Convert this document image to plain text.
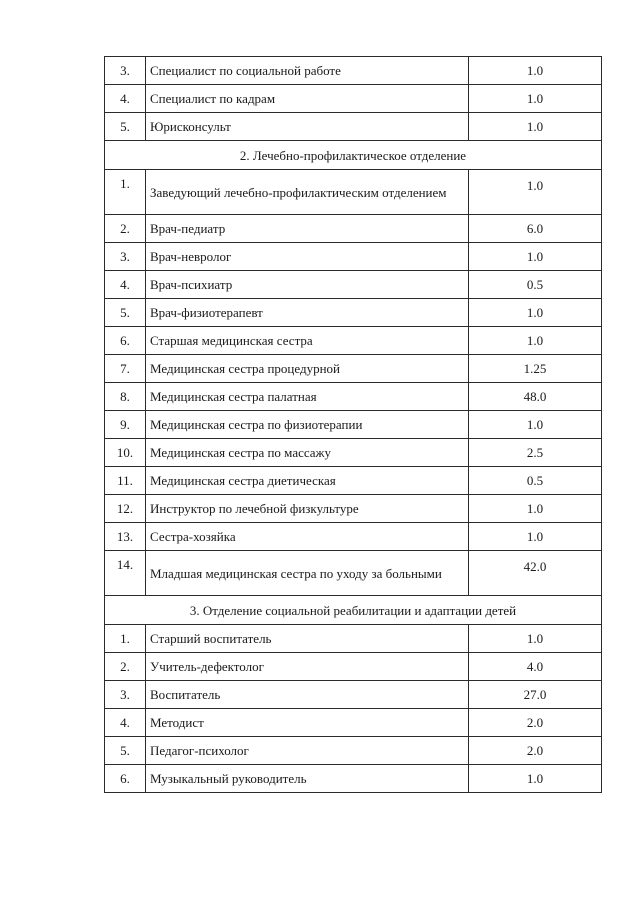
3.	Специалист по социальной работе	1.0
4.	Специалист по кадрам	1.0
5.	Юрисконсульт	1.0
2. Лечебно-профилактическое отделение		
1.	Заведующий лечебно-профилактическим отделением	1.0
2.	Врач-педиатр	6.0
3.	Врач-невролог	1.0
4.	Врач-психиатр	0.5
5.	Врач-физиотерапевт	1.0
6.	Старшая медицинская сестра	1.0
7.	Медицинская сестра процедурной	1.25
8.	Медицинская сестра палатная	48.0
9.	Медицинская сестра по физиотерапии	1.0
10.	Медицинская сестра по массажу	2.5
11.	Медицинская сестра диетическая	0.5
12.	Инструктор по лечебной физкультуре	1.0
13.	Сестра-хозяйка	1.0
14.	Младшая медицинская сестра по уходу за больными	42.0
3. Отделение социальной реабилитации и адаптации детей		
1.	Старший воспитатель	1.0
2.	Учитель-дефектолог	4.0
3.	Воспитатель	27.0
4.	Методист	2.0
5.	Педагог-психолог	2.0
6.	Музыкальный руководитель	1.0
